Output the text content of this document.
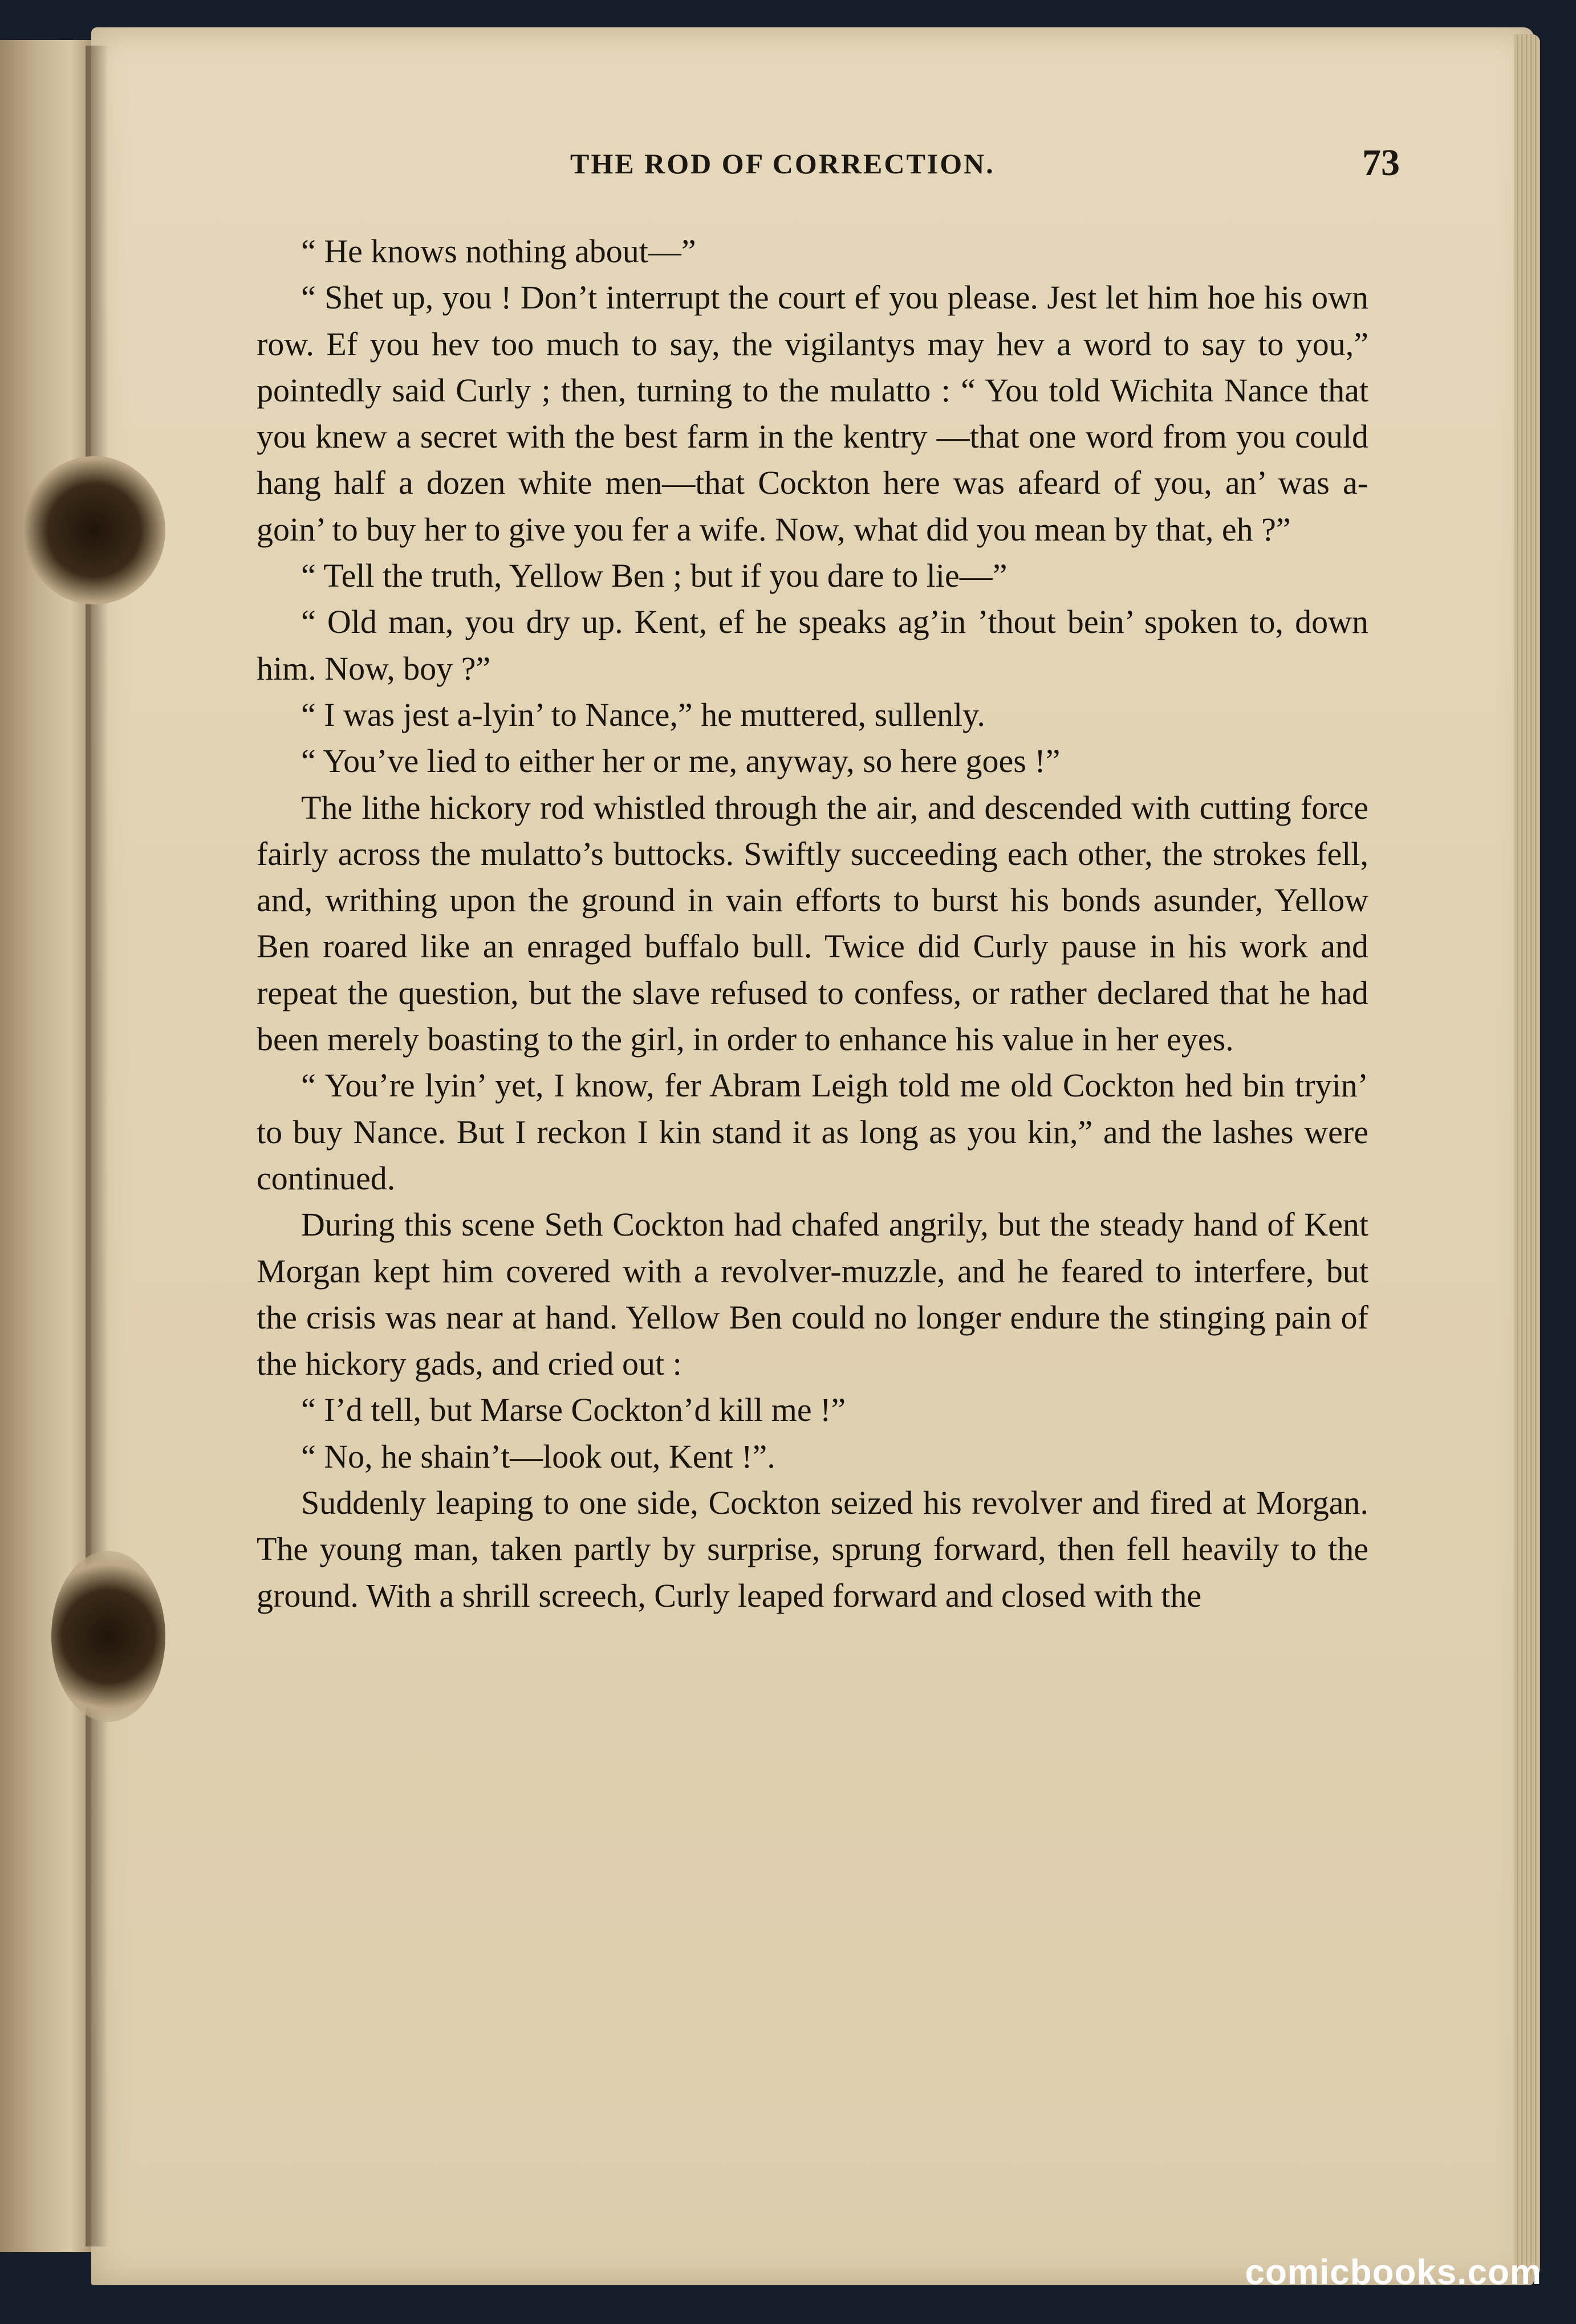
THE ROD OF CORRECTION.	73

“ He knows nothing about—”

“ Shet up, you ! Don’t interrupt the court ef you please. Jest let him hoe his own row. Ef you hev too much to say, the vigilantys may hev a word to say to you,” pointedly said Curly ; then, turning to the mulatto : “ You told Wichita Nance that you knew a secret with the best farm in the kentry —that one word from you could hang half a dozen white men—that Cockton here was afeard of you, an’ was a-goin’ to buy her to give you fer a wife. Now, what did you mean by that, eh ?”

“ Tell the truth, Yellow Ben ; but if you dare to lie—”

“ Old man, you dry up. Kent, ef he speaks ag’in ’thout bein’ spoken to, down him. Now, boy ?”

“ I was jest a-lyin’ to Nance,” he muttered, sullenly.

“ You’ve lied to either her or me, anyway, so here goes !”

The lithe hickory rod whistled through the air, and descended with cutting force fairly across the mulatto’s buttocks. Swiftly succeeding each other, the strokes fell, and, writhing upon the ground in vain efforts to burst his bonds asunder, Yellow Ben roared like an enraged buffalo bull. Twice did Curly pause in his work and repeat the question, but the slave refused to confess, or rather declared that he had been merely boasting to the girl, in order to enhance his value in her eyes.

“ You’re lyin’ yet, I know, fer Abram Leigh told me old Cockton hed bin tryin’ to buy Nance. But I reckon I kin stand it as long as you kin,” and the lashes were continued.

During this scene Seth Cockton had chafed angrily, but the steady hand of Kent Morgan kept him covered with a revolver-muzzle, and he feared to interfere, but the crisis was near at hand. Yellow Ben could no longer endure the stinging pain of the hickory gads, and cried out :

“ I’d tell, but Marse Cockton’d kill me !”

“ No, he shain’t—look out, Kent !”.

Suddenly leaping to one side, Cockton seized his revolver and fired at Morgan. The young man, taken partly by surprise, sprung forward, then fell heavily to the ground. With a shrill screech, Curly leaped forward and closed with the

comicbooks.com
